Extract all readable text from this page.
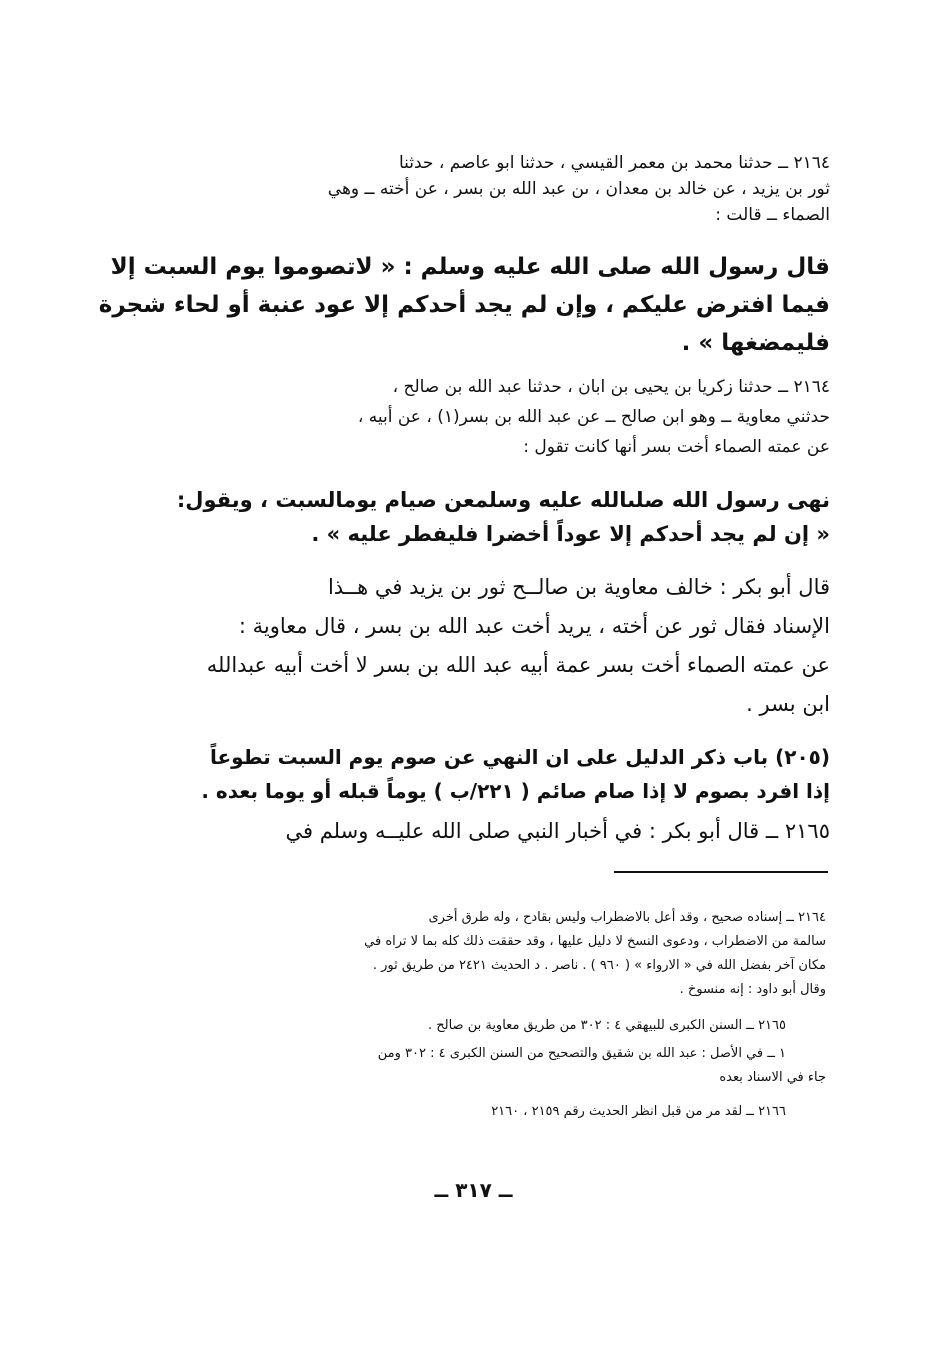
٢١٦٤ ــ حدثنا محمد بن معمر القيسي ، حدثنا ابو عاصم ، حدثنا
ثور بن يزيد ، عن خالد بن معدان ، ىن عبد الله بن بسر ، عن أخته ــ وهي
الصماء ــ قالت :
قال رسول الله صلى الله عليه وسلم : « لاتصوموا يوم السبت إلا
فيما افترض عليكم ، وإن لم يجد أحدكم إلا عود عنبة أو لحاء شجرة
فليمضغها » .
٢١٦٤ ــ حدثنا زكريا بن يحيى بن ابان ، حدثنا عبد الله بن صالح ،
حدثني معاوية ــ وهو ابن صالح ــ عن عبد الله بن بسر(١) ، عن أبيه ،
عن عمته الصماء أخت بسر أنها كانت تقول :
نهى رسول الله صلىالله عليه وسلمعن صيام يومالسبت ، ويقول:
« إن لم يجد أحدكم إلا عوداً أخضرا فليفطر عليه » .
قال أبو بكر : خالف معاوية بن صالــح ثور بن يزيد في هــذا
الإسناد فقال ثور عن أخته ، يريد أخت عبد الله بن بسر ، قال معاوية :
عن عمته الصماء أخت بسر عمة أبيه عبد الله بن بسر لا أخت أبيه عبدالله
ابن بسر .
(٢٠٥) باب ذكر الدليل على ان النهي عن صوم يوم السبت تطوعاً
إذا افرد بصوم لا إذا صام صائم ( ٢٢١/ب ) يوماً قبله أو يوما بعده .
٢١٦٥ ــ قال أبو بكر : في أخبار النبي صلى الله عليــه وسلم في
٢١٦٤ ــ إسناده صحيح ، وقد أعل بالاضطراب وليس بقادح ، وله طرق أخرى
سالمة من الاضطراب ، ودعوى النسخ لا دليل عليها ، وقد حققت ذلك كله بما لا تراه في
مكان آخر بفضل الله في « الارواء » ( ٩٦٠ ) . ناصر . د الحديث ٢٤٢١ من طريق ثور .
وقال أبو داود : إنه منسوخ .
٢١٦٥ ــ السنن الكبرى للبيهقي ٤ : ٣٠٢ من طريق معاوية بن صالح .
١ ــ في الأصل : عبد الله بن شقيق والتصحيح من السنن الكبرى ٤ : ٣٠٢ ومن
جاء في الاسناد بعده
٢١٦٦ ــ لقد مر من قبل انظر الحديث رقم ٢١٥٩ ، ٢١٦٠
ــ ٣١٧ ــ
